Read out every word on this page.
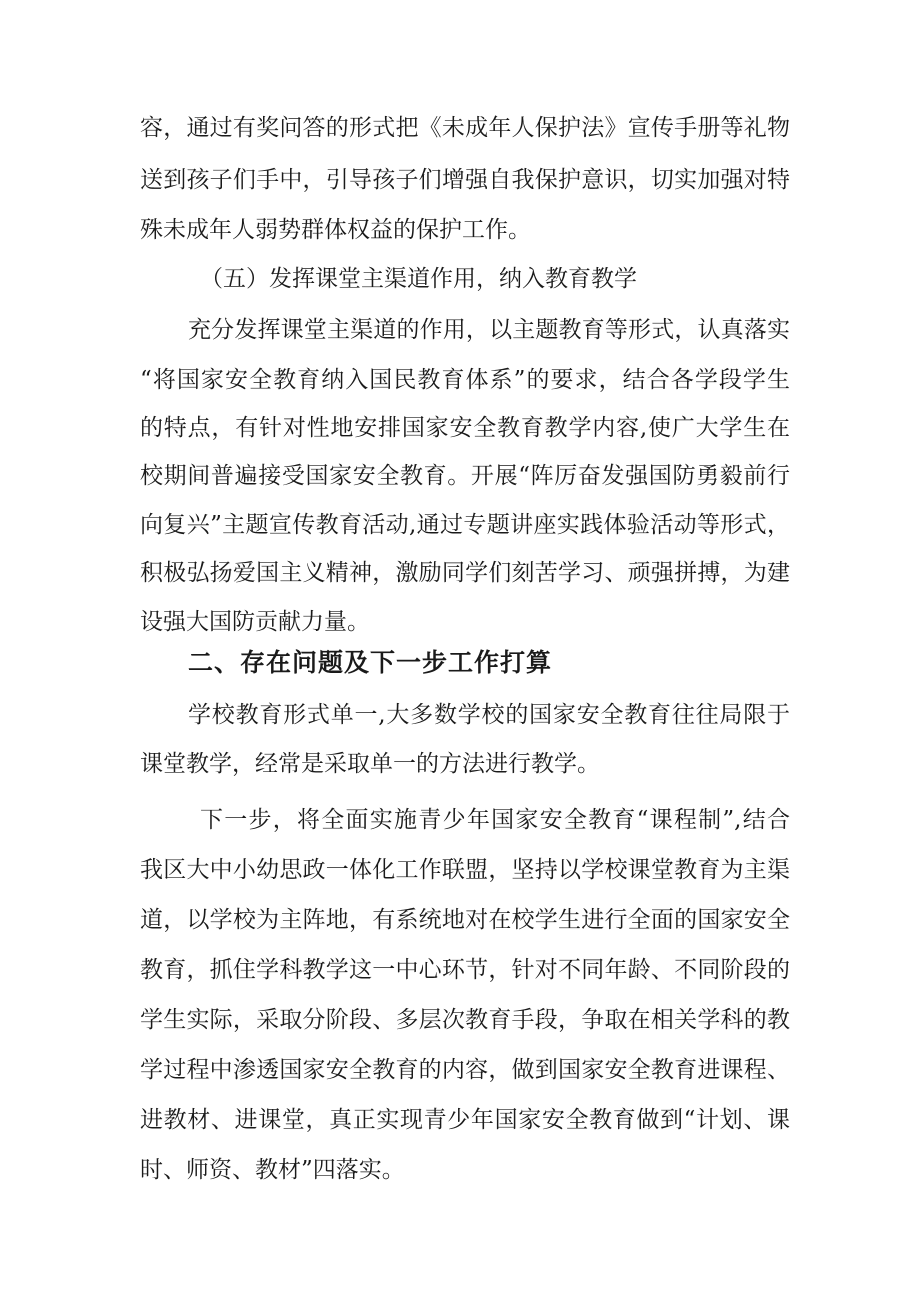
容，通过有奖问答的形式把《未成年人保护法》宣传手册等礼物
送到孩子们手中，引导孩子们增强自我保护意识，切实加强对特
殊未成年人弱势群体权益的保护工作。
（五）发挥课堂主渠道作用，纳入教育教学
充分发挥课堂主渠道的作用，以主题教育等形式，认真落实
“将国家安全教育纳入国民教育体系”的要求，结合各学段学生
的特点，有针对性地安排国家安全教育教学内容,使广大学生在
校期间普遍接受国家安全教育。开展“阵厉奋发强国防勇毅前行
向复兴”主题宣传教育活动,通过专题讲座实践体验活动等形式，
积极弘扬爱国主义精神，激励同学们刻苦学习、顽强拼搏，为建
设强大国防贡献力量。
二、存在问题及下一步工作打算
学校教育形式单一,大多数学校的国家安全教育往往局限于
课堂教学，经常是采取单一的方法进行教学。
下一步，将全面实施青少年国家安全教育“课程制”,结合
我区大中小幼思政一体化工作联盟，坚持以学校课堂教育为主渠
道，以学校为主阵地，有系统地对在校学生进行全面的国家安全
教育，抓住学科教学这一中心环节，针对不同年龄、不同阶段的
学生实际，采取分阶段、多层次教育手段，争取在相关学科的教
学过程中渗透国家安全教育的内容，做到国家安全教育进课程、
进教材、进课堂，真正实现青少年国家安全教育做到“计划、课
时、师资、教材”四落实。
